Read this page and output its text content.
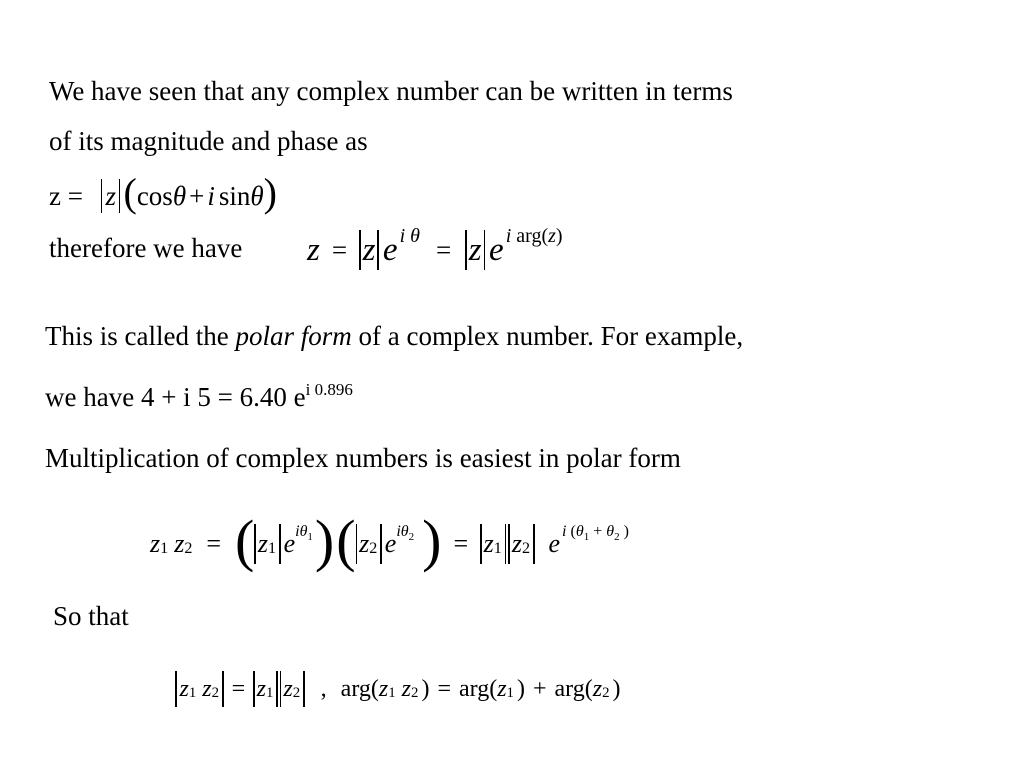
We have seen that any complex number can be written in terms
of its magnitude and phase as
z = z ( cos θ + i sin θ )
therefore we have z = z e i θ = z e i arg(z)
This is called the polar form of a complex number. For example,
we have 4 + i 5 = 6.40 $e^{i 0.896}$
Multiplication of complex numbers is easiest in polar form
z 1 z 2 = ( z 1 e $i\theta_1$ ) ( z 2 e $i\theta_2$ ) = z 1 z 2 e i ($\theta_1 + \theta_2$ )
So that
z 1 z 2 = z 1 z 2 , arg( z 1 z 2 ) = arg( z 1 ) + arg( z 2 )
